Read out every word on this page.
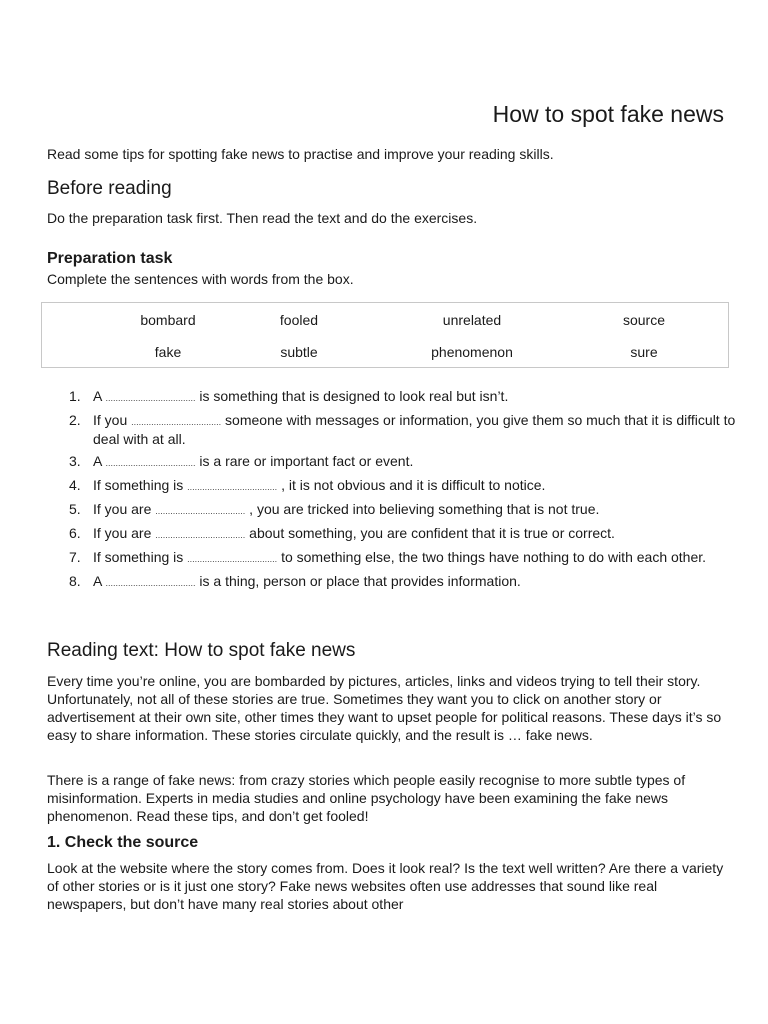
How to spot fake news

Read some tips for spotting fake news to practise and improve your reading skills.

Before reading

Do the preparation task first. Then read the text and do the exercises.

Preparation task

Complete the sentences with words from the box.

bombard	fooled	unrelated	source
fake	subtle	phenomenon	sure
1. A .................................... is something that is designed to look real but isn’t.
2. If you .................................... someone with messages or information, you give them so much that it is difficult to deal with at all.
3. A .................................... is a rare or important fact or event.
4. If something is .................................... , it is not obvious and it is difficult to notice.
5. If you are .................................... , you are tricked into believing something that is not true.
6. If you are .................................... about something, you are confident that it is true or correct.
7. If something is .................................... to something else, the two things have nothing to do with each other.
8. A .................................... is a thing, person or place that provides information.
Reading text: How to spot fake news

Every time you’re online, you are bombarded by pictures, articles, links and videos trying to tell their story. Unfortunately, not all of these stories are true. Sometimes they want you to click on another story or advertisement at their own site, other times they want to upset people for political reasons. These days it’s so easy to share information. These stories circulate quickly, and the result is … fake news.

There is a range of fake news: from crazy stories which people easily recognise to more subtle types of misinformation. Experts in media studies and online psychology have been examining the fake news phenomenon. Read these tips, and don’t get fooled!

1. Check the source

Look at the website where the story comes from. Does it look real? Is the text well written? Are there a variety of other stories or is it just one story? Fake news websites often use addresses that sound like real newspapers, but don’t have many real stories about other
